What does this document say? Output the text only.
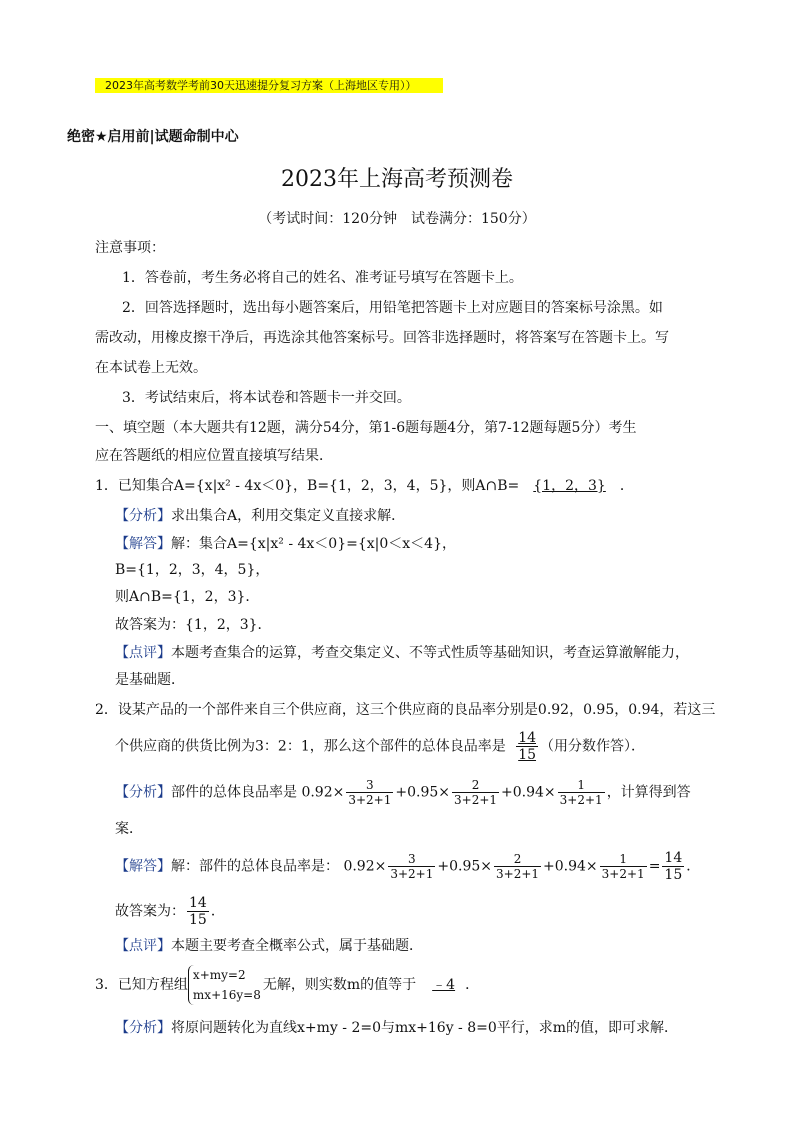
2023年高考数学考前30天迅速提分复习方案（上海地区专用））
绝密★启用前|试题命制中心
2023年上海高考预测卷
（考试时间：120分钟　试卷满分：150分）
注意事项：
1．答卷前，考生务必将自己的姓名、准考证号填写在答题卡上。
2．回答选择题时，选出每小题答案后，用铅笔把答题卡上对应题目的答案标号涂黑。如
需改动，用橡皮擦干净后，再选涂其他答案标号。回答非选择题时，将答案写在答题卡上。写
在本试卷上无效。
3．考试结束后，将本试卷和答题卡一并交回。
一、填空题（本大题共有12题，满分54分，第1-6题每题4分，第7-12题每题5分）考生
应在答题纸的相应位置直接填写结果．
1．已知集合A={x|x² - 4x＜0}，B={1，2，3，4，5}，则A∩B= {1，2，3} ．
【分析】求出集合A，利用交集定义直接求解．
【解答】解：集合A={x|x² - 4x＜0}={x|0＜x＜4}，
B={1，2，3，4，5}，
则A∩B={1，2，3}．
故答案为：{1，2，3}．
【点评】本题考查集合的运算，考查交集定义、不等式性质等基础知识，考查运算澈解能力，
是基础题．
2．设某产品的一个部件来自三个供应商，这三个供应商的良品率分别是0.92，0.95，0.94，若这三
个供应商的供货比例为3：2：1，那么这个部件的总体良品率是 $\frac{14}{15}$ （用分数作答）．
【分析】部件的总体良品率是 $0.92\times \frac{3}{3+2+1} +0.95\times \frac{2}{3+2+1} +0.94\times \frac{1}{3+2+1}$ ，计算得到答
案．
【解答】解：部件的总体良品率是： $0.92\times \frac{3}{3+2+1} +0.95\times \frac{2}{3+2+1} +0.94\times \frac{1}{3+2+1} = \frac{14}{15}$ ．
故答案为： $\frac{14}{15}$ ．
【点评】本题主要考查全概率公式，属于基础题．
3．已知方程组
x+my=2
mx+16y=8
无解，则实数m的值等于 ﹣4 ．
【分析】将原问题转化为直线x+my - 2=0与mx+16y - 8=0平行，求m的值，即可求解．
